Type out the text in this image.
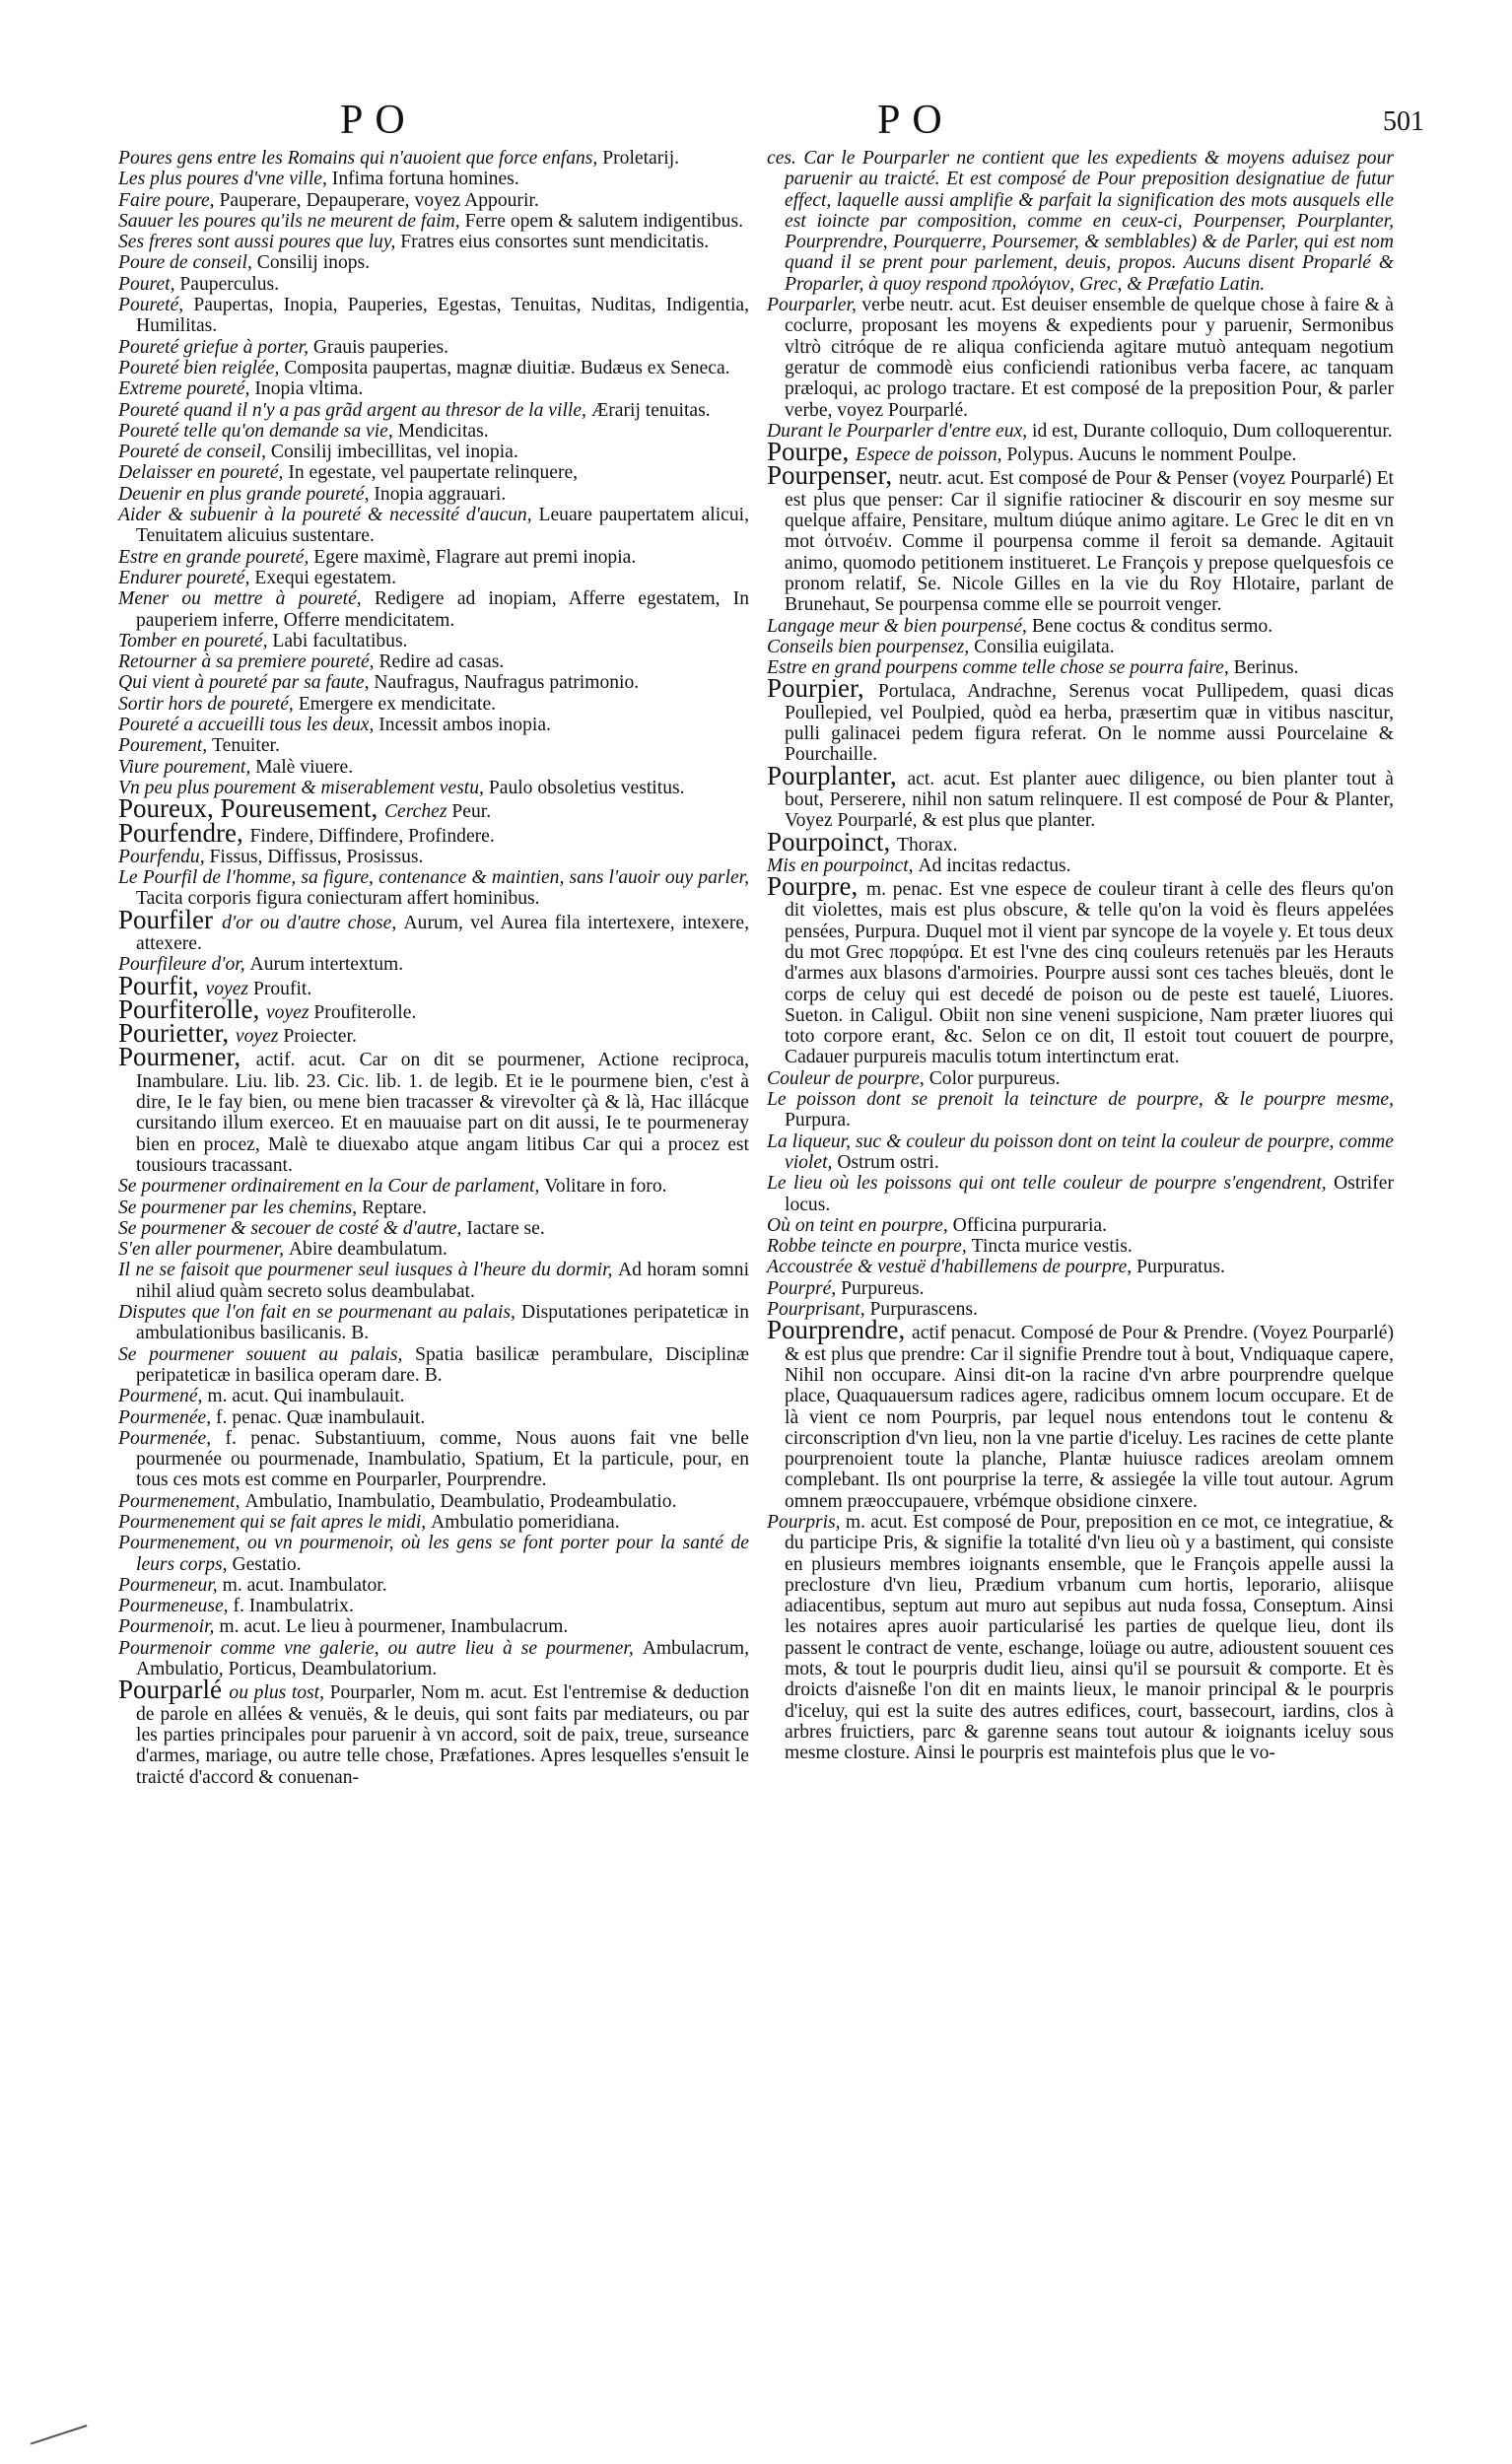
PO	PO	501

Poures gens entre les Romains qui n'auoient que force enfans, Proletarij.

Les plus poures d'vne ville, Infima fortuna homines.

Faire poure, Pauperare, Depauperare, voyez Appourir.

Sauuer les poures qu'ils ne meurent de faim, Ferre opem & salutem indigentibus.

Ses freres sont aussi poures que luy, Fratres eius consortes sunt mendicitatis.

Poure de conseil, Consilij inops.

Pouret, Pauperculus.

Poureté, Paupertas, Inopia, Pauperies, Egestas, Tenuitas, Nuditas, Indigentia, Humilitas.

Poureté griefue à porter, Grauis pauperies.

Poureté bien reiglée, Composita paupertas, magnæ diuitiæ. Budæus ex Seneca.

Extreme poureté, Inopia vltima.

Poureté quand il n'y a pas grãd argent au thresor de la ville, Ærarij tenuitas.

Poureté telle qu'on demande sa vie, Mendicitas.

Poureté de conseil, Consilij imbecillitas, vel inopia.

Delaisser en poureté, In egestate, vel paupertate relinquere,

Deuenir en plus grande poureté, Inopia aggrauari.

Aider & subuenir à la poureté & necessité d'aucun, Leuare paupertatem alicui, Tenuitatem alicuius sustentare.

Estre en grande poureté, Egere maximè, Flagrare aut premi inopia.

Endurer poureté, Exequi egestatem.

Mener ou mettre à poureté, Redigere ad inopiam, Afferre egestatem, In pauperiem inferre, Offerre mendicitatem.

Tomber en poureté, Labi facultatibus.

Retourner à sa premiere poureté, Redire ad casas.

Qui vient à poureté par sa faute, Naufragus, Naufragus patrimonio.

Sortir hors de poureté, Emergere ex mendicitate.

Poureté a accueilli tous les deux, Incessit ambos inopia.

Pourement, Tenuiter.

Viure pourement, Malè viuere.

Vn peu plus pourement & miserablement vestu, Paulo obsoletius vestitus.

Poureux, Poureusement, Cerchez Peur.

Pourfendre, Findere, Diffindere, Profindere.

Pourfendu, Fissus, Diffissus, Prosissus.

Le Pourfil de l'homme, sa figure, contenance & maintien, sans l'auoir ouy parler, Tacita corporis figura coniecturam affert hominibus.

Pourfiler d'or ou d'autre chose, Aurum, vel Aurea fila intertexere, intexere, attexere.

Pourfileure d'or, Aurum intertextum.

Pourfit, voyez Proufit.

Pourfiterolle, voyez Proufiterolle.

Pourietter, voyez Proiecter.

Pourmener, actif. acut. Car on dit se pourmener, Actione reciproca, Inambulare. Liu. lib. 23. Cic. lib. 1. de legib. Et ie le pourmene bien, c'est à dire, Ie le fay bien, ou mene bien tracasser & virevolter çà & là, Hac illácque cursitando illum exerceo. Et en mauuaise part on dit aussi, Ie te pourmeneray bien en procez, Malè te diuexabo atque angam litibus Car qui a procez est tousiours tracassant.

Se pourmener ordinairement en la Cour de parlament, Volitare in foro.

Se pourmener par les chemins, Reptare.

Se pourmener & secouer de costé & d'autre, Iactare se.

S'en aller pourmener, Abire deambulatum.

Il ne se faisoit que pourmener seul iusques à l'heure du dormir, Ad horam somni nihil aliud quàm secreto solus deambulabat.

Disputes que l'on fait en se pourmenant au palais, Disputationes peripateticæ in ambulationibus basilicanis. B.

Se pourmener souuent au palais, Spatia basilicæ perambulare, Disciplinæ peripateticæ in basilica operam dare. B.

Pourmené, m. acut. Qui inambulauit.

Pourmenée, f. penac. Quæ inambulauit.

Pourmenée, f. penac. Substantiuum, comme, Nous auons fait vne belle pourmenée ou pourmenade, Inambulatio, Spatium, Et la particule, pour, en tous ces mots est comme en Pourparler, Pourprendre.

Pourmenement, Ambulatio, Inambulatio, Deambulatio, Prodeambulatio.

Pourmenement qui se fait apres le midi, Ambulatio pomeridiana.

Pourmenement, ou vn pourmenoir, où les gens se font porter pour la santé de leurs corps, Gestatio.

Pourmeneur, m. acut. Inambulator.

Pourmeneuse, f. Inambulatrix.

Pourmenoir, m. acut. Le lieu à pourmener, Inambulacrum.

Pourmenoir comme vne galerie, ou autre lieu à se pourmener, Ambulacrum, Ambulatio, Porticus, Deambulatorium.

Pourparlé ou plus tost, Pourparler, Nom m. acut. Est l'entremise & deduction de parole en allées & venuës, & le deuis, qui sont faits par mediateurs, ou par les parties principales pour paruenir à vn accord, soit de paix, treue, surseance d'armes, mariage, ou autre telle chose, Præfationes. Apres lesquelles s'ensuit le traicté d'accord & conuenan-

ces. Car le Pourparler ne contient que les expedients & moyens aduisez pour paruenir au traicté. Et est composé de Pour preposition designatiue de futur effect, laquelle aussi amplifie & parfait la signification des mots ausquels elle est ioincte par composition, comme en ceux-ci, Pourpenser, Pourplanter, Pourprendre, Pourquerre, Poursemer, & semblables) & de Parler, qui est nom quand il se prent pour parlement, deuis, propos. Aucuns disent Proparlé & Proparler, à quoy respond προλόγιον, Grec, & Præfatio Latin.

Pourparler, verbe neutr. acut. Est deuiser ensemble de quelque chose à faire & à coclurre, proposant les moyens & expedients pour y paruenir, Sermonibus vltrò citróque de re aliqua conficienda agitare mutuò antequam negotium geratur de commodè eius conficiendi rationibus verba facere, ac tanquam præloqui, ac prologo tractare. Et est composé de la preposition Pour, & parler verbe, voyez Pourparlé.

Durant le Pourparler d'entre eux, id est, Durante colloquio, Dum colloquerentur.

Pourpe, Espece de poisson, Polypus. Aucuns le nomment Poulpe.

Pourpenser, neutr. acut. Est composé de Pour & Penser (voyez Pourparlé) Et est plus que penser: Car il signifie ratiociner & discourir en soy mesme sur quelque affaire, Pensitare, multum diúque animo agitare. Le Grec le dit en vn mot ὀιτνοέιν. Comme il pourpensa comme il feroit sa demande. Agitauit animo, quomodo petitionem institueret. Le François y prepose quelquesfois ce pronom relatif, Se. Nicole Gilles en la vie du Roy Hlotaire, parlant de Brunehaut, Se pourpensa comme elle se pourroit venger.

Langage meur & bien pourpensé, Bene coctus & conditus sermo.

Conseils bien pourpensez, Consilia euigilata.

Estre en grand pourpens comme telle chose se pourra faire, Berinus.

Pourpier, Portulaca, Andrachne, Serenus vocat Pullipedem, quasi dicas Poullepied, vel Poulpied, quòd ea herba, præsertim quæ in vitibus nascitur, pulli galinacei pedem figura referat. On le nomme aussi Pourcelaine & Pourchaille.

Pourplanter, act. acut. Est planter auec diligence, ou bien planter tout à bout, Perserere, nihil non satum relinquere. Il est composé de Pour & Planter, Voyez Pourparlé, & est plus que planter.

Pourpoinct, Thorax.

Mis en pourpoinct, Ad incitas redactus.

Pourpre, m. penac. Est vne espece de couleur tirant à celle des fleurs qu'on dit violettes, mais est plus obscure, & telle qu'on la void ès fleurs appelées pensées, Purpura. Duquel mot il vient par syncope de la voyele y. Et tous deux du mot Grec πορφύρα. Et est l'vne des cinq couleurs retenuës par les Herauts d'armes aux blasons d'armoiries. Pourpre aussi sont ces taches bleuës, dont le corps de celuy qui est decedé de poison ou de peste est tauelé, Liuores. Sueton. in Caligul. Obiit non sine veneni suspicione, Nam præter liuores qui toto corpore erant, &c. Selon ce on dit, Il estoit tout couuert de pourpre, Cadauer purpureis maculis totum intertinctum erat.

Couleur de pourpre, Color purpureus.

Le poisson dont se prenoit la teincture de pourpre, & le pourpre mesme, Purpura.

La liqueur, suc & couleur du poisson dont on teint la couleur de pourpre, comme violet, Ostrum ostri.

Le lieu où les poissons qui ont telle couleur de pourpre s'engendrent, Ostrifer locus.

Où on teint en pourpre, Officina purpuraria.

Robbe teincte en pourpre, Tincta murice vestis.

Accoustrée & vestuë d'habillemens de pourpre, Purpuratus.

Pourpré, Purpureus.

Pourprisant, Purpurascens.

Pourprendre, actif penacut. Composé de Pour & Prendre. (Voyez Pourparlé) & est plus que prendre: Car il signifie Prendre tout à bout, Vndiquaque capere, Nihil non occupare. Ainsi dit-on la racine d'vn arbre pourprendre quelque place, Quaquauersum radices agere, radicibus omnem locum occupare. Et de là vient ce nom Pourpris, par lequel nous entendons tout le contenu & circonscription d'vn lieu, non la vne partie d'iceluy. Les racines de cette plante pourprenoient toute la planche, Plantæ huiusce radices areolam omnem complebant. Ils ont pourprise la terre, & assiegée la ville tout autour. Agrum omnem præoccupauere, vrbémque obsidione cinxere.

Pourpris, m. acut. Est composé de Pour, preposition en ce mot, ce integratiue, & du participe Pris, & signifie la totalité d'vn lieu où y a bastiment, qui consiste en plusieurs membres ioignants ensemble, que le François appelle aussi la preclosture d'vn lieu, Prædium vrbanum cum hortis, leporario, aliisque adiacentibus, septum aut muro aut sepibus aut nuda fossa, Conseptum. Ainsi les notaires apres auoir particularisé les parties de quelque lieu, dont ils passent le contract de vente, eschange, loüage ou autre, adioustent souuent ces mots, & tout le pourpris dudit lieu, ainsi qu'il se poursuit & comporte. Et ès droicts d'aisneße l'on dit en maints lieux, le manoir principal & le pourpris d'iceluy, qui est la suite des autres edifices, court, bassecourt, iardins, clos à arbres fruictiers, parc & garenne seans tout autour & ioignants iceluy sous mesme closture. Ainsi le pourpris est maintefois plus que le vo-
